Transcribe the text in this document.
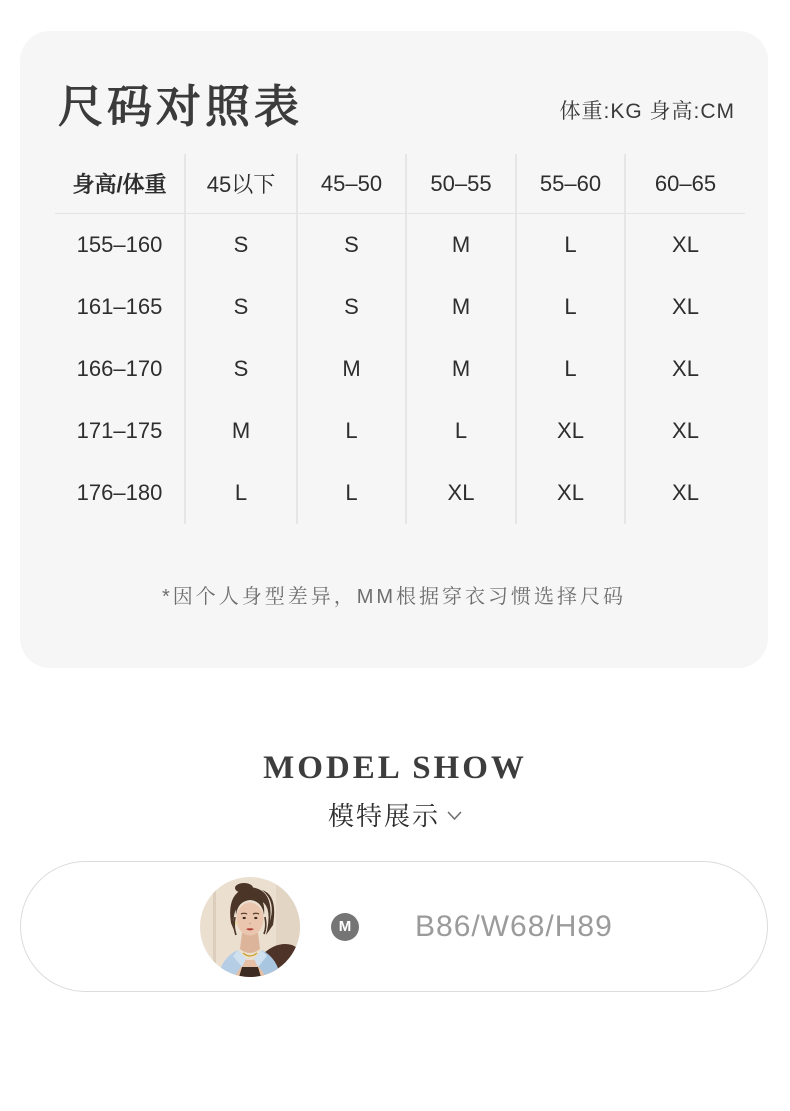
尺码对照表	体重:KG 身高:CM
身高/体重	45以下	45–50	50–55	55–60	60–65
155–160	S	S	M	L	XL
161–165	S	S	M	L	XL
166–170	S	M	M	L	XL
171–175	M	L	L	XL	XL
176–180	L	L	XL	XL	XL
*因个人身型差异，MM根据穿衣习惯选择尺码
MODEL SHOW
模特展示
M B86/W68/H89
